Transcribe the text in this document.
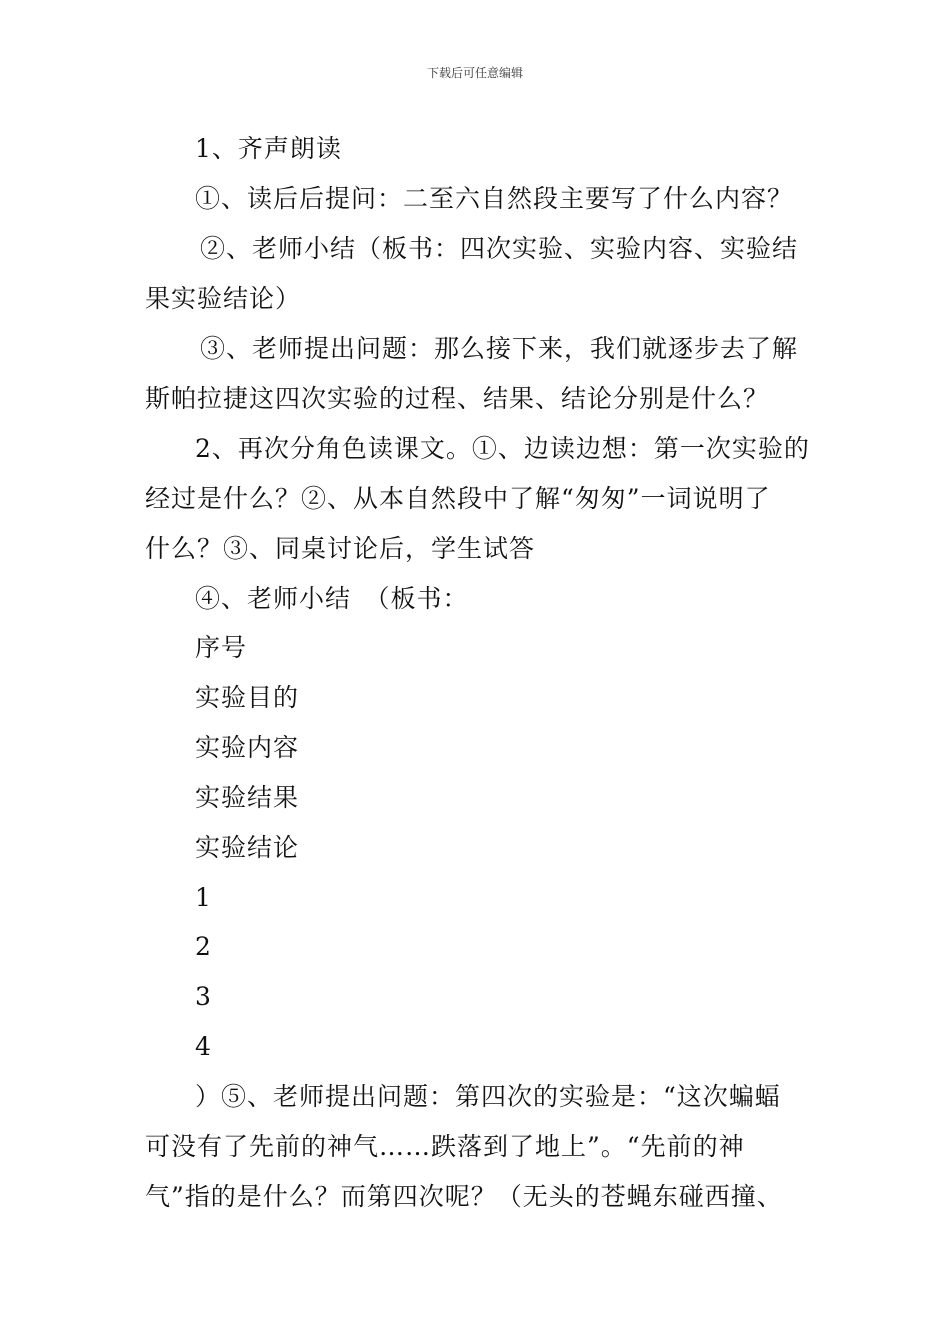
下载后可任意编辑
1、齐声朗读
①、读后后提问：二至六自然段主要写了什么内容？
②、老师小结（板书：四次实验、实验内容、实验结
果实验结论）
③、老师提出问题：那么接下来，我们就逐步去了解
斯帕拉捷这四次实验的过程、结果、结论分别是什么？
2、再次分角色读课文。①、边读边想：第一次实验的
经过是什么？②、从本自然段中了解“匆匆”一词说明了
什么？③、同桌讨论后，学生试答
④、老师小结　（板书：
序号
实验目的
实验内容
实验结果
实验结论
1
2
3
4
）⑤、老师提出问题：第四次的实验是：“这次蝙蝠
可没有了先前的神气……跌落到了地上”。“先前的神
气”指的是什么？而第四次呢？（无头的苍蝇东碰西撞、
